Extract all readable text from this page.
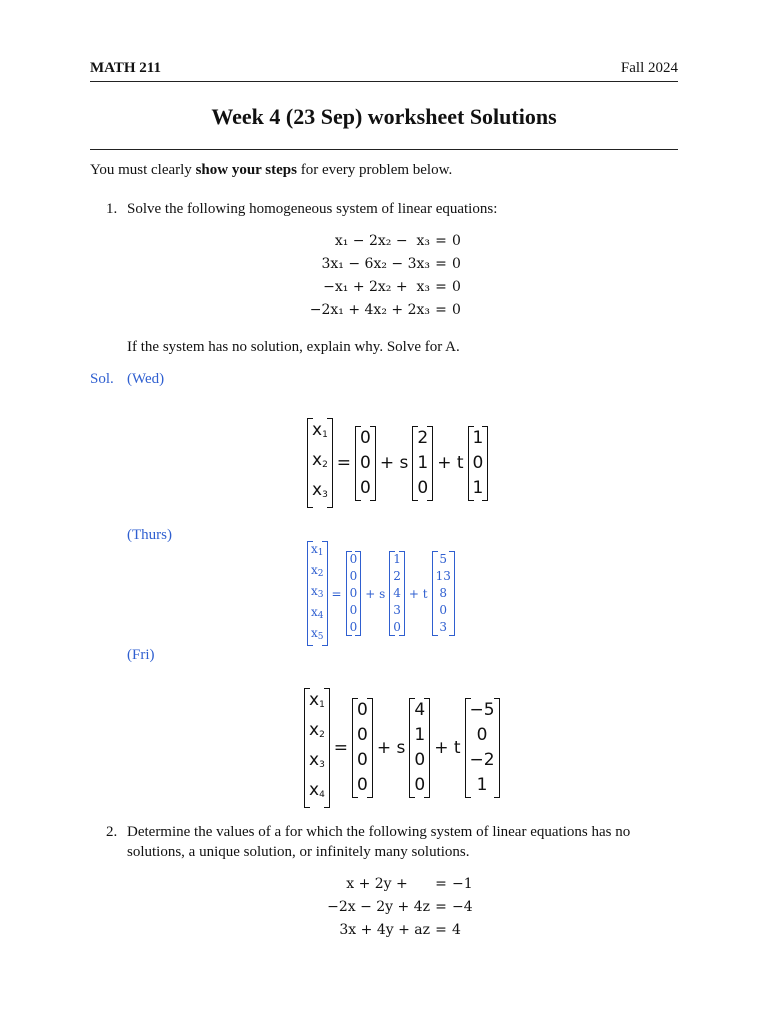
MATH 211	Fall 2024
Week 4 (23 Sep) worksheet Solutions
You must clearly show your steps for every problem below.
1. Solve the following homogeneous system of linear equations:
x₁ − 2x₂ −  x₃ = 0
3x₁ − 6x₂ − 3x₃ = 0
−x₁ + 2x₂ +  x₃ = 0
−2x₁ + 4x₂ + 2x₃ = 0
If the system has no solution, explain why. Solve for A.
Sol. (Wed)
$x_1$
$x_2$
$x_3$
=
0
0
0
+ s
2
1
0
+ t
1
0
1
(Thurs)
$x_1$
$x_2$
$x_3$
$x_4$
$x_5$
=
0
0
0
0
0
+ s
1
2
4
3
0
+ t
5
13
8
0
3
(Fri)
$x_1$
$x_2$
$x_3$
$x_4$
=
0
0
0
0
+ s
4
1
0
0
+ t
−5
0
−2
1
2. Determine the values of a for which the following system of linear equations has no
solutions, a unique solution, or infinitely many solutions.
x + 2y + = −1
−2x − 2y + 4z = −4
3x + 4y + az = 4
